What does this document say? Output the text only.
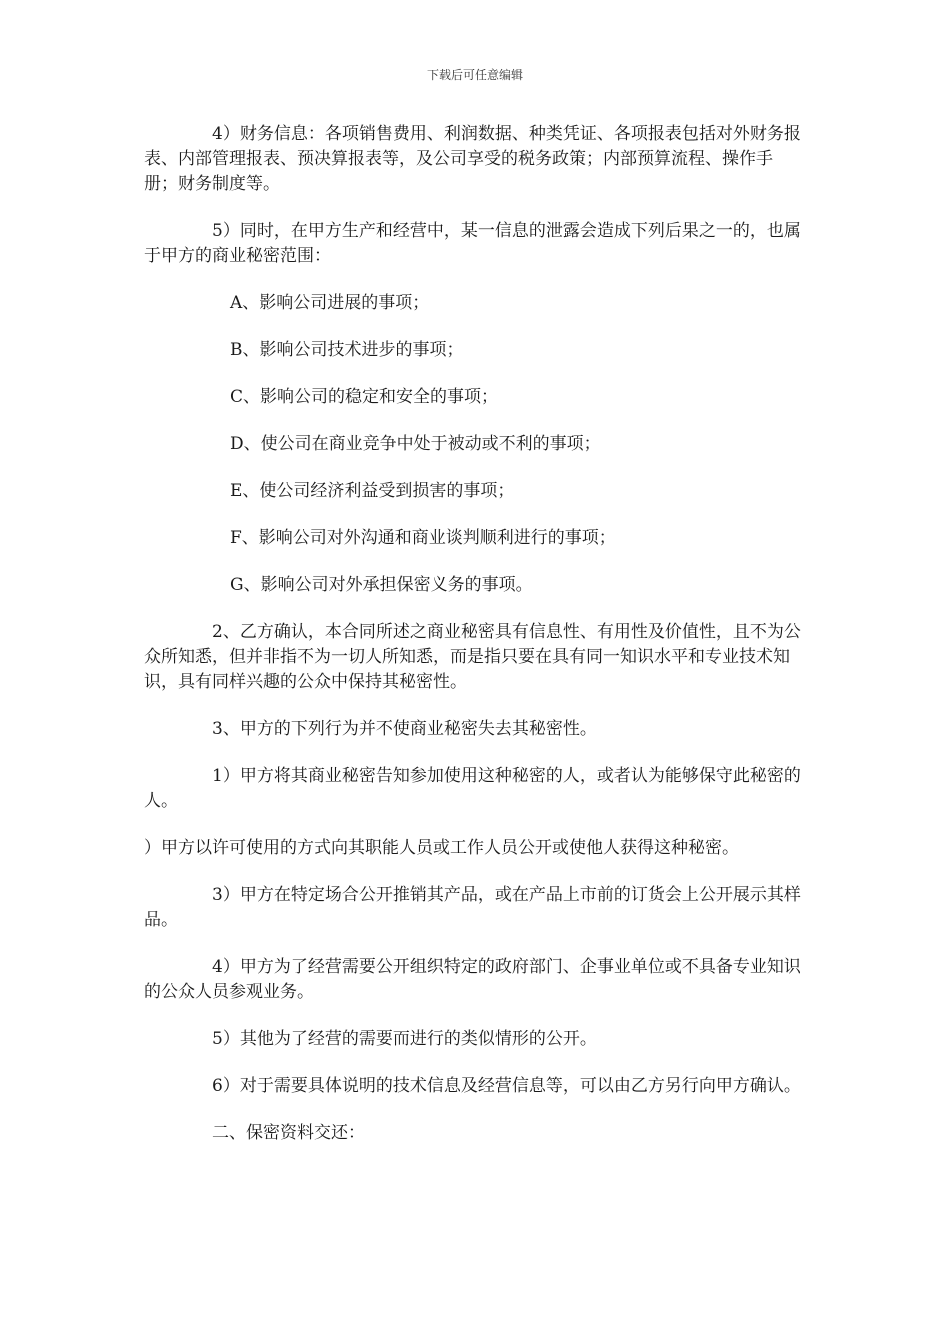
下载后可任意编辑

4）财务信息：各项销售费用、利润数据、种类凭证、各项报表包括对外财务报表、内部管理报表、预决算报表等，及公司享受的税务政策；内部预算流程、操作手册；财务制度等。

5）同时，在甲方生产和经营中，某一信息的泄露会造成下列后果之一的，也属于甲方的商业秘密范围：

A、影响公司进展的事项；

B、影响公司技术进步的事项；

C、影响公司的稳定和安全的事项；

D、使公司在商业竞争中处于被动或不利的事项；

E、使公司经济利益受到损害的事项；

F、影响公司对外沟通和商业谈判顺利进行的事项；

G、影响公司对外承担保密义务的事项。

2、乙方确认，本合同所述之商业秘密具有信息性、有用性及价值性，且不为公众所知悉，但并非指不为一切人所知悉，而是指只要在具有同一知识水平和专业技术知识，具有同样兴趣的公众中保持其秘密性。

3、甲方的下列行为并不使商业秘密失去其秘密性。

1）甲方将其商业秘密告知参加使用这种秘密的人，或者认为能够保守此秘密的人。

）甲方以许可使用的方式向其职能人员或工作人员公开或使他人获得这种秘密。

3）甲方在特定场合公开推销其产品，或在产品上市前的订货会上公开展示其样品。

4）甲方为了经营需要公开组织特定的政府部门、企事业单位或不具备专业知识的公众人员参观业务。

5）其他为了经营的需要而进行的类似情形的公开。

6）对于需要具体说明的技术信息及经营信息等，可以由乙方另行向甲方确认。

二、保密资料交还：
